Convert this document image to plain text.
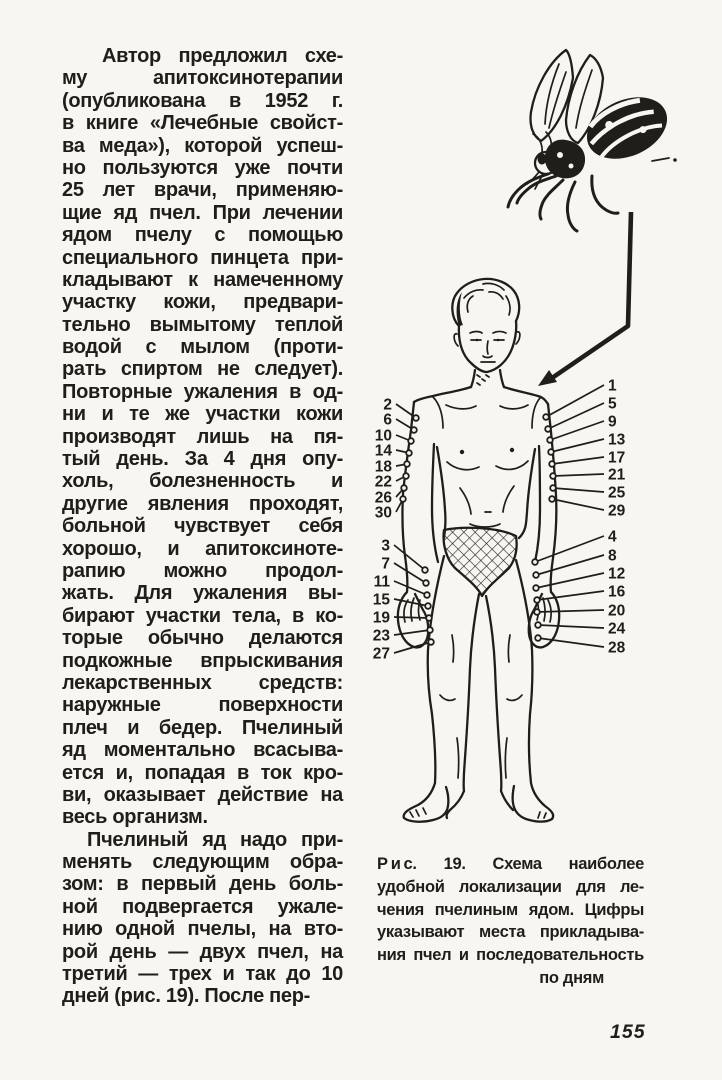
Автор предложил схе-
му апитоксинотерапии
(опубликована в 1952 г.
в книге «Лечебные свойст-
ва меда»), которой успеш-
но пользуются уже почти
25 лет врачи, применяю-
щие яд пчел. При лечении
ядом пчелу с помощью
специального пинцета при-
кладывают к намеченному
участку кожи, предвари-
тельно вымытому теплой
водой с мылом (проти-
рать спиртом не следует).
Повторные ужаления в од-
ни и те же участки кожи
производят лишь на пя-
тый день. За 4 дня опу-
холь, болезненность и
другие явления проходят,
больной чувствует себя
хорошо, и апитоксиноте-
рапию можно продол-
жать. Для ужаления вы-
бирают участки тела, в ко-
торые обычно делаются
подкожные впрыскивания
лекарственных средств:
наружные поверхности
плеч и бедер. Пчелиный
яд моментально всасыва-
ется и, попадая в ток кро-
ви, оказывает действие на
весь организм.
Пчелиный яд надо при-
менять следующим обра-
зом: в первый день боль-
ной подвергается ужале-
нию одной пчелы, на вто-
рой день — двух пчел, на
третий — трех и так до 10
дней (рис. 19). После пер-
2
6
10
14
18
22
26
30
3
7
11
15
19
23
27
1
5
9
13
17
21
25
29
4
8
12
16
20
24
28
Р и с. 19. Схема наиболее
удобной локализации для ле-
чения пчелиным ядом. Цифры
указывают места прикладыва-
ния пчел и последовательность
по дням
155
